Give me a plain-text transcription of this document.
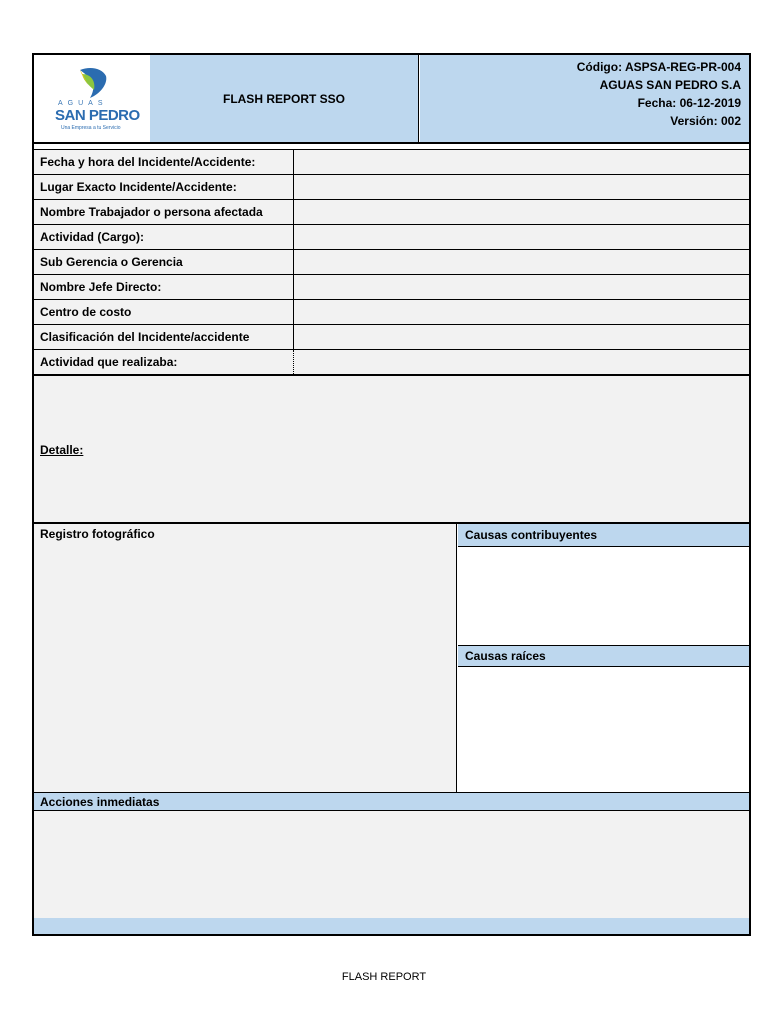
AGUAS
SAN PEDRO
Una Empresa a tu Servicio
FLASH REPORT SSO
Código: ASPSA-REG-PR-004
AGUAS SAN PEDRO S.A
Fecha: 06-12-2019
Versión: 002
Fecha y hora del Incidente/Accidente:
Lugar Exacto Incidente/Accidente:
Nombre Trabajador o persona afectada
Actividad (Cargo):
Sub Gerencia o Gerencia
Nombre Jefe Directo:
Centro de costo
Clasificación del Incidente/accidente
Actividad que realizaba:
Detalle:
Registro fotográfico	Causas contribuyentes
Causas raíces
Acciones inmediatas
FLASH REPORT
